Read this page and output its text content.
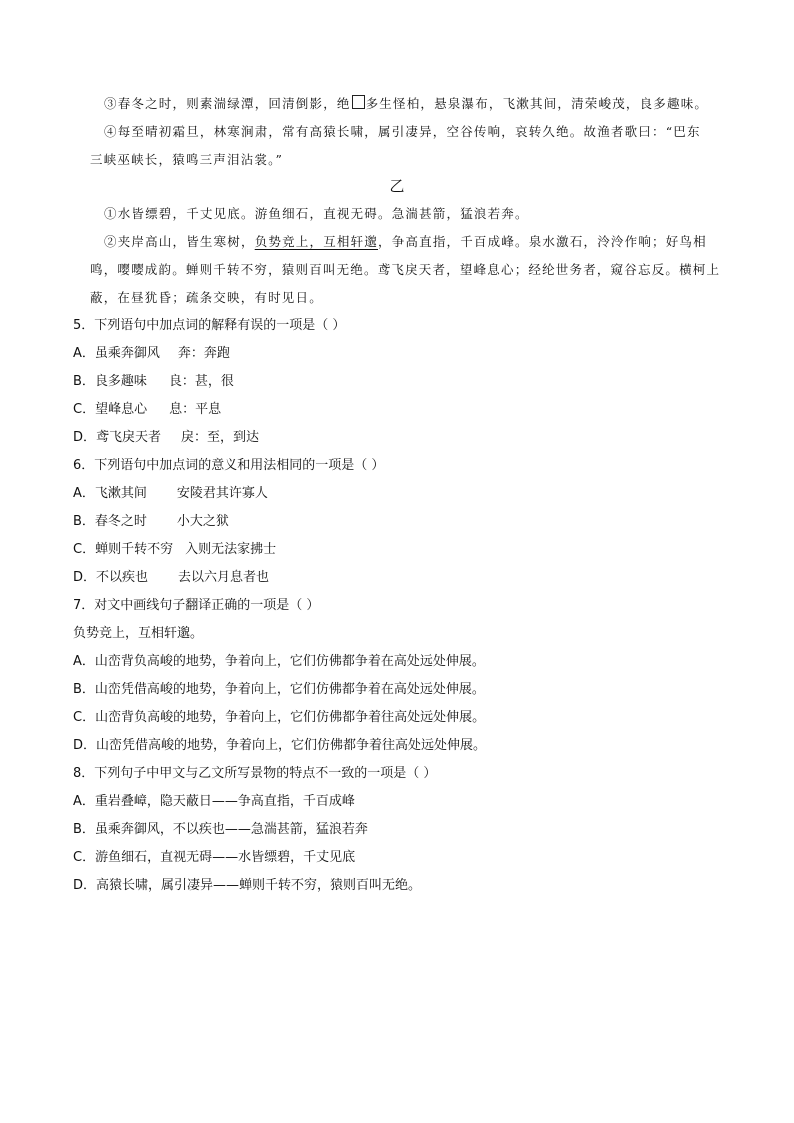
③春冬之时，则素湍绿潭，回清倒影，绝 多生怪柏，悬泉瀑布，飞漱其间，清荣峻茂，良多趣味。
④每至晴初霜旦，林寒涧肃，常有高猿长啸，属引凄异，空谷传响，哀转久绝。故渔者歌曰：“巴东
三峡巫峡长，猿鸣三声泪沾裳。”
乙
①水皆缥碧，千丈见底。游鱼细石，直视无碍。急湍甚箭，猛浪若奔。
②夹岸高山，皆生寒树，负势竞上，互相轩邈，争高直指，千百成峰。泉水激石，泠泠作响；好鸟相
鸣，嘤嘤成韵。蝉则千转不穷，猿则百叫无绝。鸢飞戾天者，望峰息心；经纶世务者，窥谷忘反。横柯上
蔽，在昼犹昏；疏条交映，有时见日。
5．下列语句中加点词的解释有误的一项是（ ）
A．虽乘奔御风 奔：奔跑
B．良多趣味 良：甚，很
C．望峰息心 息：平息
D．鸢飞戾天者 戾：至，到达
6．下列语句中加点词的意义和用法相同的一项是（ ）
A．飞漱其间 安陵君其许寡人
B．春冬之时 小大之狱
C．蝉则千转不穷 入则无法家拂士
D．不以疾也 去以六月息者也
7．对文中画线句子翻译正确的一项是（ ）
负势竞上，互相轩邈。
A．山峦背负高峻的地势，争着向上，它们仿佛都争着在高处远处伸展。
B．山峦凭借高峻的地势，争着向上，它们仿佛都争着在高处远处伸展。
C．山峦背负高峻的地势，争着向上，它们仿佛都争着往高处远处伸展。
D．山峦凭借高峻的地势，争着向上，它们仿佛都争着往高处远处伸展。
8．下列句子中甲文与乙文所写景物的特点不一致的一项是（ ）
A．重岩叠嶂，隐天蔽日——争高直指，千百成峰
B．虽乘奔御风，不以疾也——急湍甚箭，猛浪若奔
C．游鱼细石，直视无碍——水皆缥碧，千丈见底
D．高猿长啸，属引凄异——蝉则千转不穷，猿则百叫无绝。
